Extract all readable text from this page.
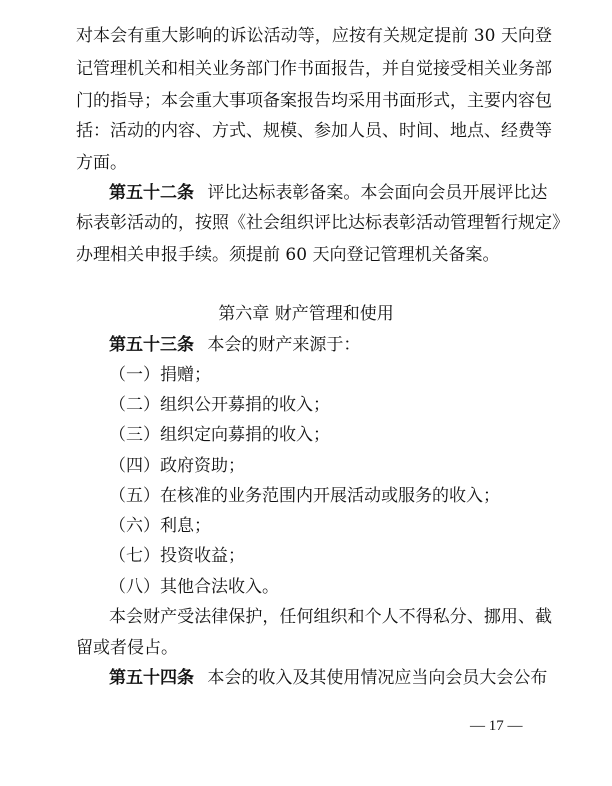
对本会有重大影响的诉讼活动等，应按有关规定提前 30 天向登
记管理机关和相关业务部门作书面报告，并自觉接受相关业务部
门的指导；本会重大事项备案报告均采用书面形式，主要内容包
括：活动的内容、方式、规模、参加人员、时间、地点、经费等
方面。
第五十二条 评比达标表彰备案。本会面向会员开展评比达
标表彰活动的，按照《社会组织评比达标表彰活动管理暂行规定》
办理相关申报手续。须提前 60 天向登记管理机关备案。
第六章 财产管理和使用
第五十三条 本会的财产来源于：
（一）捐赠；
（二）组织公开募捐的收入；
（三）组织定向募捐的收入；
（四）政府资助；
（五）在核准的业务范围内开展活动或服务的收入；
（六）利息；
（七）投资收益；
（八）其他合法收入。
本会财产受法律保护，任何组织和个人不得私分、挪用、截
留或者侵占。
第五十四条 本会的收入及其使用情况应当向会员大会公布
— 17 —
